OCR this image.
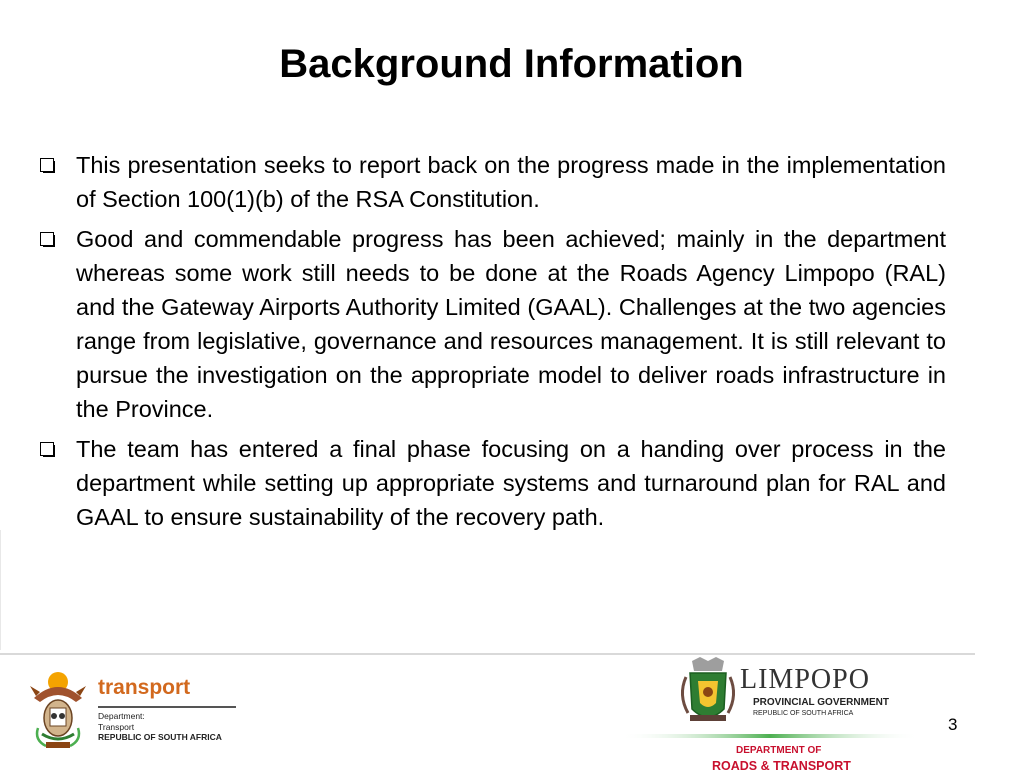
Background Information
This presentation seeks to report back on the progress made in the implementation of Section 100(1)(b) of the RSA Constitution.
Good and commendable progress has been achieved; mainly in the department whereas some work still needs to be done at the Roads Agency Limpopo (RAL) and the Gateway Airports Authority Limited (GAAL). Challenges at the two agencies range from legislative, governance and resources management. It is still relevant to pursue the investigation on the appropriate model to deliver roads infrastructure in the Province.
The team has entered a final phase focusing on a handing over process in the department while setting up appropriate systems and turnaround plan for RAL and GAAL to ensure sustainability of the recovery path.
transport
Department:
Transport
REPUBLIC OF SOUTH AFRICA
LIMPOPO
PROVINCIAL GOVERNMENT
REPUBLIC OF SOUTH AFRICA
DEPARTMENT OF
ROADS & TRANSPORT
3
